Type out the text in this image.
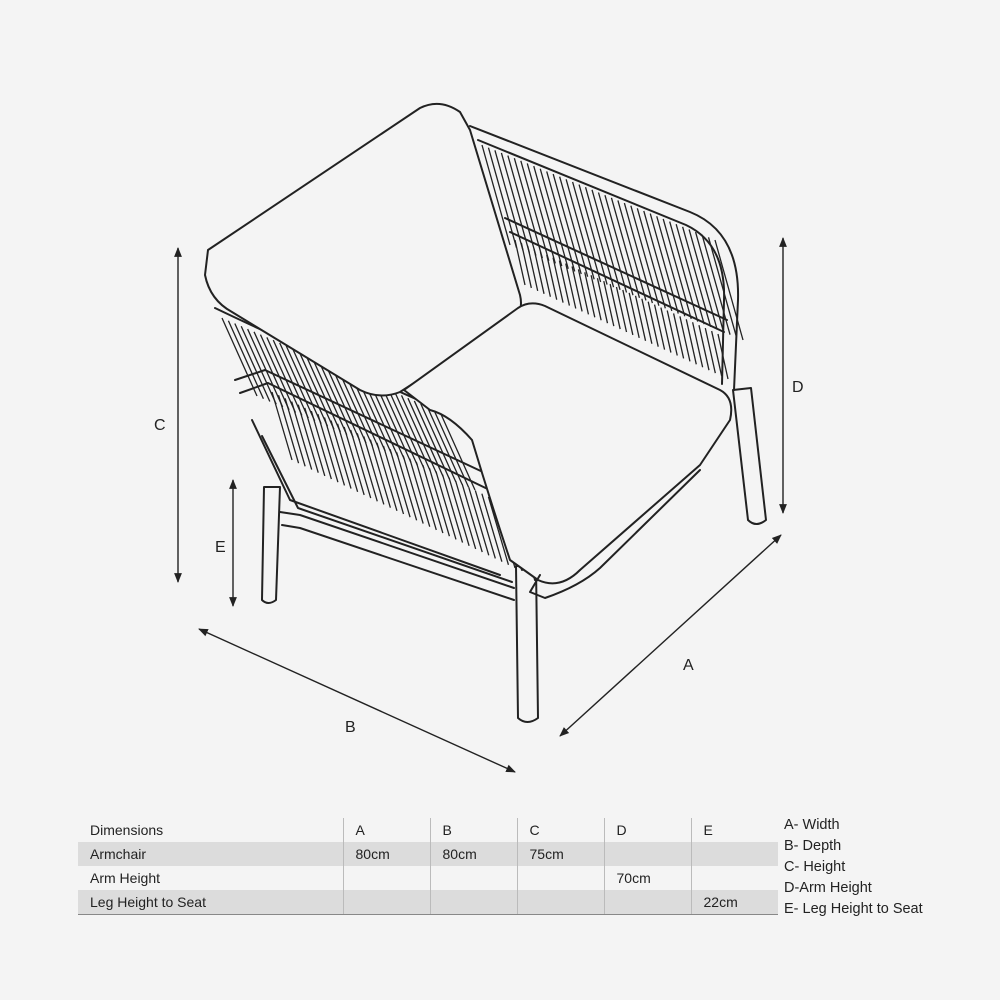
A
B
C
D
E
Dimensions	A	B	C	D	E
Armchair	80cm	80cm	75cm		
Arm Height				70cm	
Leg Height to Seat					22cm
A- Width
B- Depth
C- Height
D-Arm Height
E- Leg Height to Seat
